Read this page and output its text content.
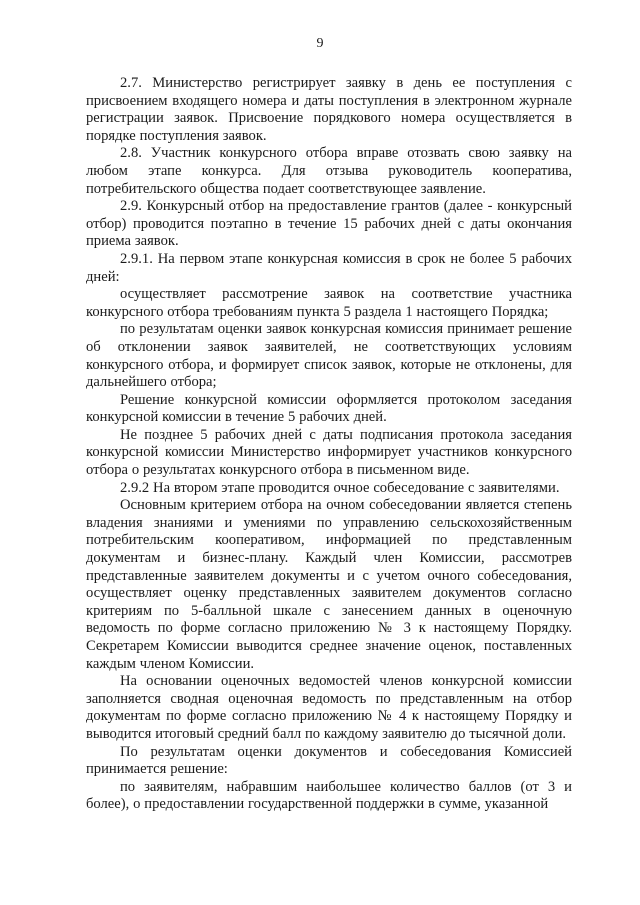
9

2.7. Министерство регистрирует заявку в день ее поступления с присвоением входящего номера и даты поступления в электронном журнале регистрации заявок. Присвоение порядкового номера осуществляется в порядке поступления заявок.

2.8. Участник конкурсного отбора вправе отозвать свою заявку на любом этапе конкурса. Для отзыва руководитель кооператива, потребительского общества подает соответствующее заявление.

2.9. Конкурсный отбор на предоставление грантов (далее - конкурсный отбор) проводится поэтапно в течение 15 рабочих дней с даты окончания приема заявок.

2.9.1. На первом этапе конкурсная комиссия в срок не более 5 рабочих дней:

осуществляет рассмотрение заявок на соответствие участника конкурсного отбора требованиям пункта 5 раздела 1 настоящего Порядка;

по результатам оценки заявок конкурсная комиссия принимает решение об отклонении заявок заявителей, не соответствующих условиям конкурсного отбора, и формирует список заявок, которые не отклонены, для дальнейшего отбора;

Решение конкурсной комиссии оформляется протоколом заседания конкурсной комиссии в течение 5 рабочих дней.

Не позднее 5 рабочих дней с даты подписания протокола заседания конкурсной комиссии Министерство информирует участников конкурсного отбора о результатах конкурсного отбора в письменном виде.

2.9.2 На втором этапе проводится очное собеседование с заявителями.

Основным критерием отбора на очном собеседовании является степень владения знаниями и умениями по управлению сельскохозяйственным потребительским кооперативом, информацией по представленным документам и бизнес-плану. Каждый член Комиссии, рассмотрев представленные заявителем документы и с учетом очного собеседования, осуществляет оценку представленных заявителем документов согласно критериям по 5-балльной шкале с занесением данных в оценочную ведомость по форме согласно приложению № 3 к настоящему Порядку. Секретарем Комиссии выводится среднее значение оценок, поставленных каждым членом Комиссии.

На основании оценочных ведомостей членов конкурсной комиссии заполняется сводная оценочная ведомость по представленным на отбор документам по форме согласно приложению № 4 к настоящему Порядку и выводится итоговый средний балл по каждому заявителю до тысячной доли.

По результатам оценки документов и собеседования Комиссией принимается решение:

по заявителям, набравшим наибольшее количество баллов (от 3 и более), о предоставлении государственной поддержки в сумме, указанной
